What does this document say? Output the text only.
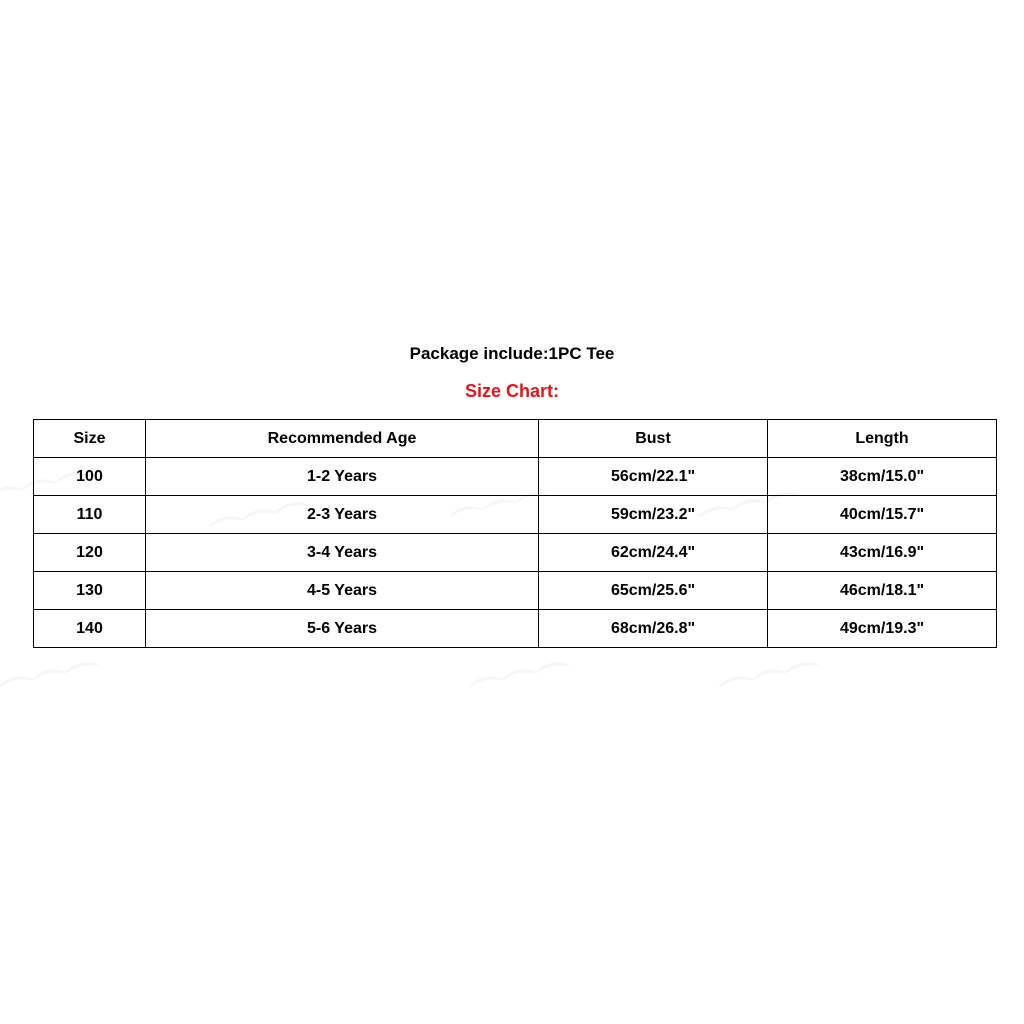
Package include:1PC Tee
Size Chart:
Size	Recommended Age	Bust	Length
100	1-2 Years	56cm/22.1"	38cm/15.0"
110	2-3 Years	59cm/23.2"	40cm/15.7"
120	3-4 Years	62cm/24.4"	43cm/16.9"
130	4-5 Years	65cm/25.6"	46cm/18.1"
140	5-6 Years	68cm/26.8"	49cm/19.3"
